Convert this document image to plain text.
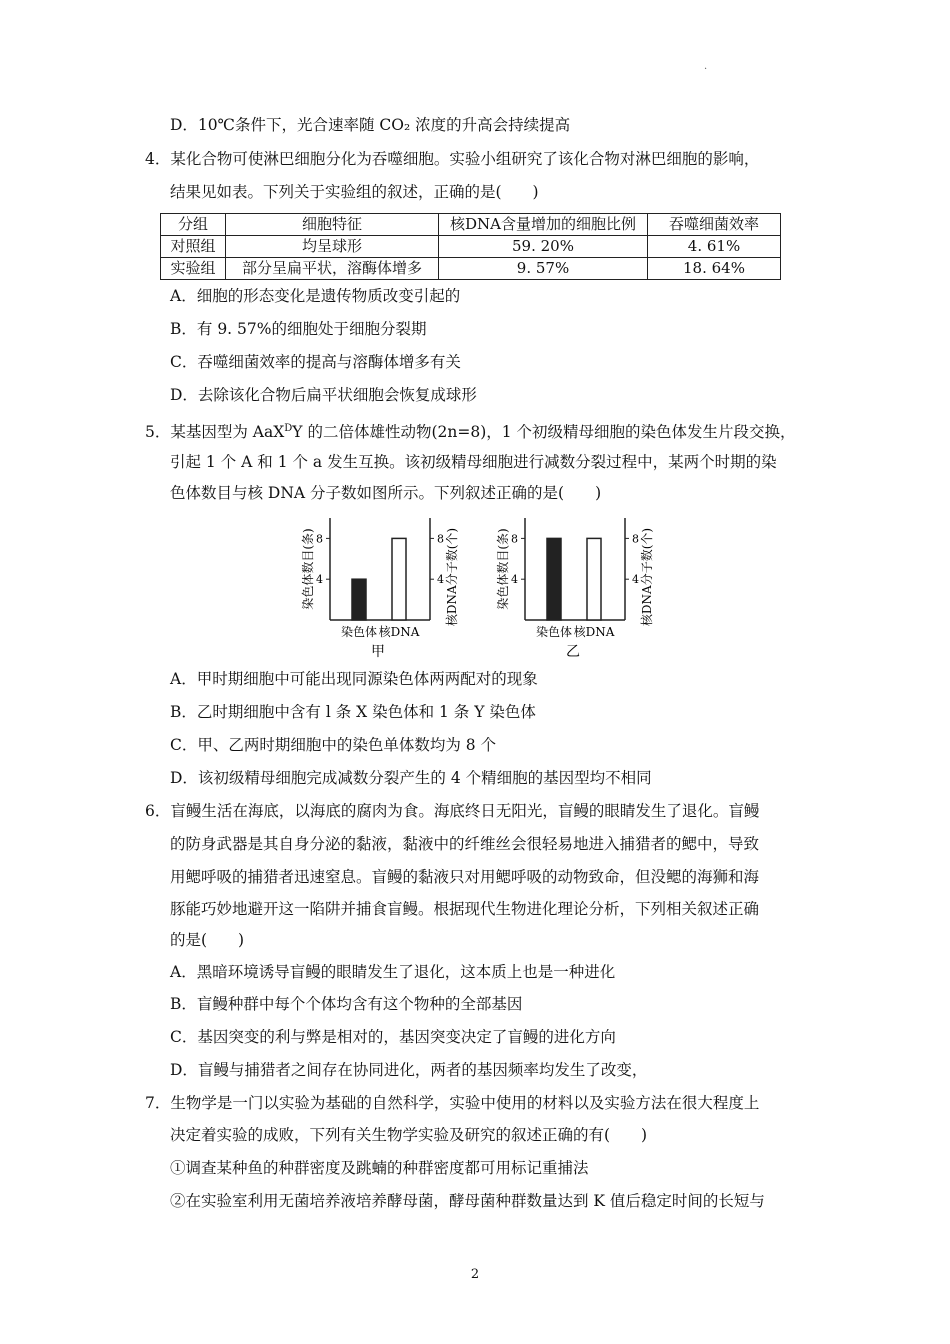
·
D．10℃条件下，光合速率随 CO₂ 浓度的升高会持续提高
4．某化合物可使淋巴细胞分化为吞噬细胞。实验小组研究了该化合物对淋巴细胞的影响，
结果见如表。下列关于实验组的叙述，正确的是(　　)
分组	细胞特征	核DNA含量增加的细胞比例	吞噬细菌效率
对照组	均呈球形	59. 20%	4. 61%
实验组	部分呈扁平状，溶酶体增多	9. 57%	18. 64%
A．细胞的形态变化是遗传物质改变引起的
B．有 9. 57%的细胞处于细胞分裂期
C．吞噬细菌效率的提高与溶酶体增多有关
D．去除该化合物后扁平状细胞会恢复成球形
5．某基因型为 AaX$^D$Y 的二倍体雄性动物(2n=8)，1 个初级精母细胞的染色体发生片段交换，
引起 1 个 A 和 1 个 a 发生互换。该初级精母细胞进行减数分裂过程中，某两个时期的染
色体数目与核 DNA 分子数如图所示。下列叙述正确的是(　　)
4	4
8	8
染色体 核DNA
甲
染色体数目(条)	核DNA分子数(个)	4	4
8	8
染色体 核DNA
乙
染色体数目(条)	核DNA分子数(个)
A．甲时期细胞中可能出现同源染色体两两配对的现象
B．乙时期细胞中含有 l 条 X 染色体和 1 条 Y 染色体
C．甲、乙两时期细胞中的染色单体数均为 8 个
D．该初级精母细胞完成减数分裂产生的 4 个精细胞的基因型均不相同
6．盲鳗生活在海底，以海底的腐肉为食。海底终日无阳光，盲鳗的眼睛发生了退化。盲鳗
的防身武器是其自身分泌的黏液，黏液中的纤维丝会很轻易地进入捕猎者的鳃中，导致
用鳃呼吸的捕猎者迅速窒息。盲鳗的黏液只对用鳃呼吸的动物致命，但没鳃的海狮和海
豚能巧妙地避开这一陷阱并捕食盲鳗。根据现代生物进化理论分析，下列相关叙述正确
的是(　　)
A．黑暗环境诱导盲鳗的眼睛发生了退化，这本质上也是一种进化
B．盲鳗种群中每个个体均含有这个物种的全部基因
C．基因突变的利与弊是相对的，基因突变决定了盲鳗的进化方向
D．盲鳗与捕猎者之间存在协同进化，两者的基因频率均发生了改变，
7．生物学是一门以实验为基础的自然科学，实验中使用的材料以及实验方法在很大程度上
决定着实验的成败，下列有关生物学实验及研究的叙述正确的有(　　)
①调查某种鱼的种群密度及跳蝻的种群密度都可用标记重捕法
②在实验室利用无菌培养液培养酵母菌，酵母菌种群数量达到 K 值后稳定时间的长短与
2
